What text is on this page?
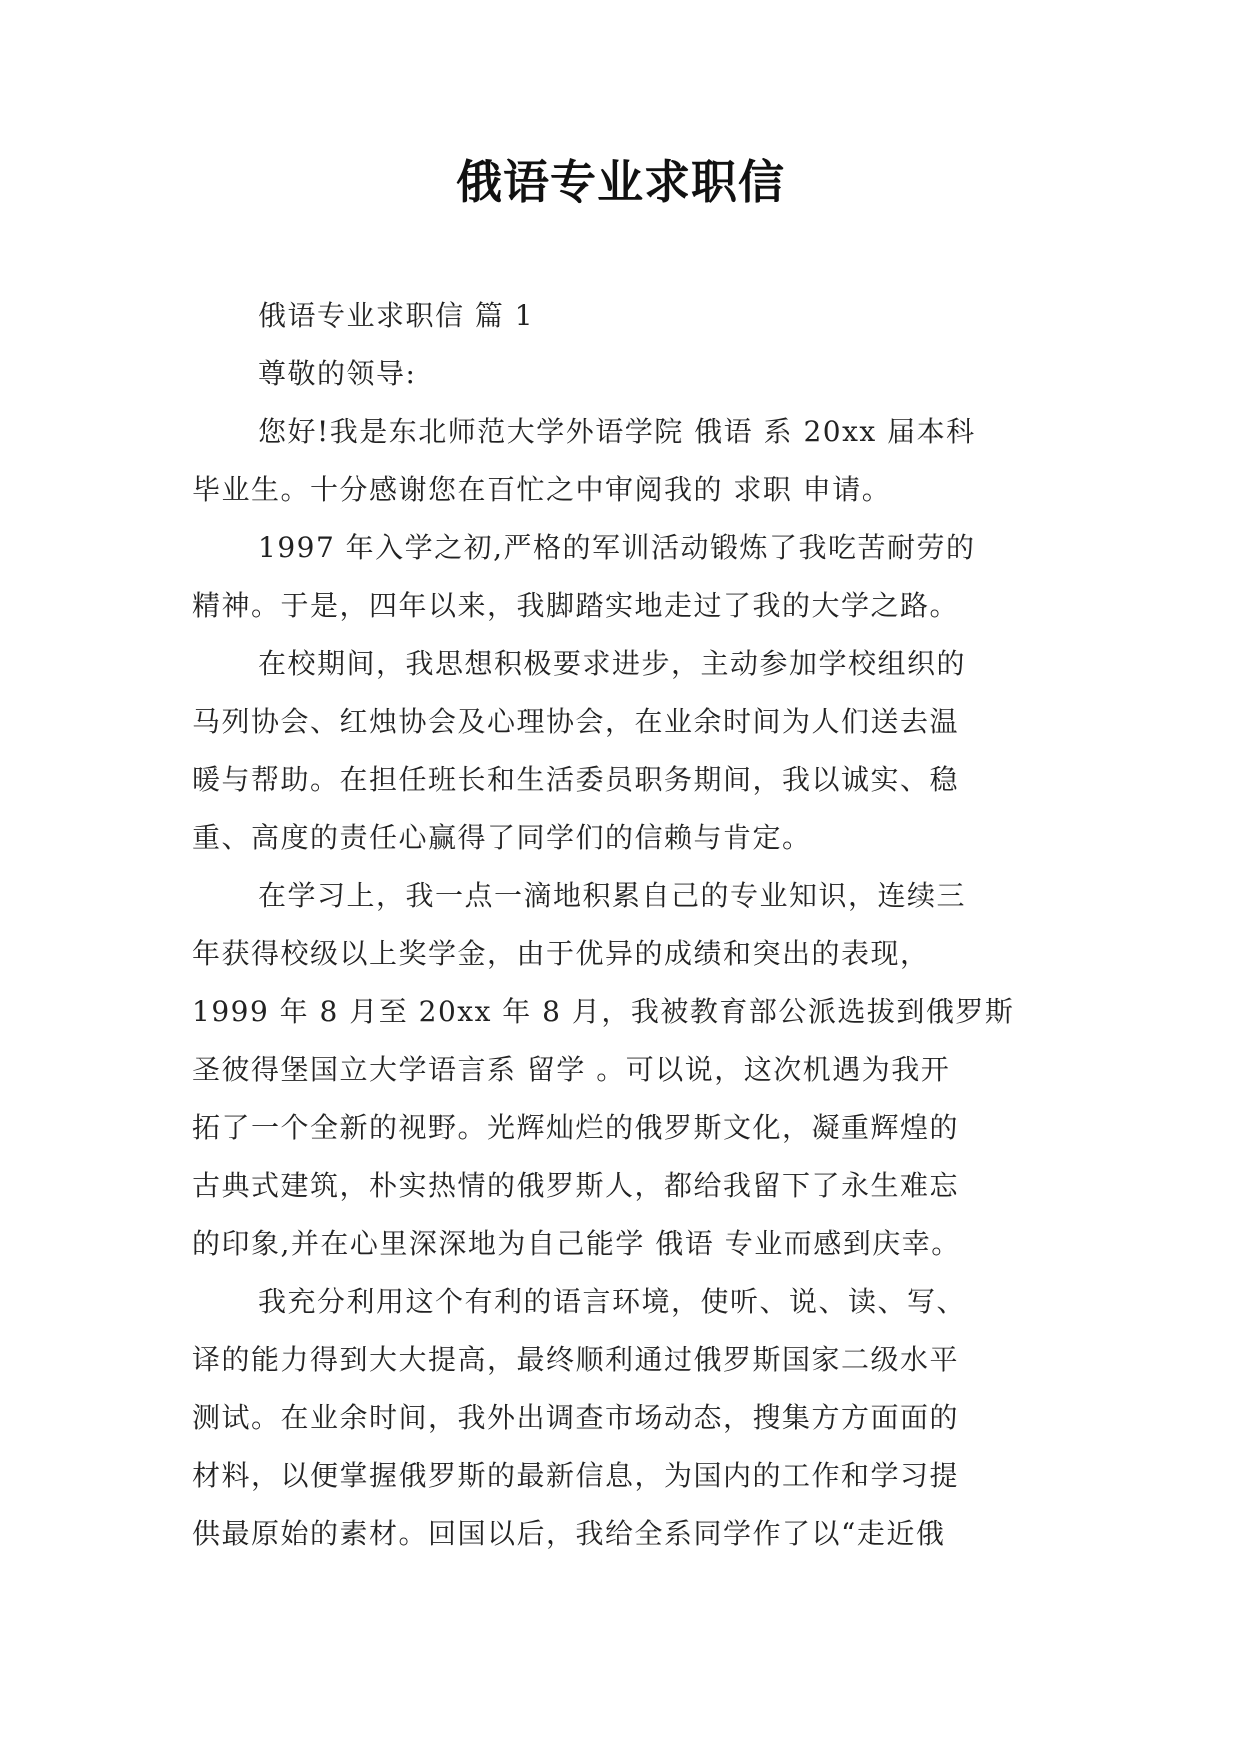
俄语专业求职信
俄语专业求职信 篇 1
尊敬的领导:
您好!我是东北师范大学外语学院 俄语 系 20xx 届本科
毕业生。十分感谢您在百忙之中审阅我的 求职 申请。
1997 年入学之初,严格的军训活动锻炼了我吃苦耐劳的
精神。于是，四年以来，我脚踏实地走过了我的大学之路。
在校期间，我思想积极要求进步，主动参加学校组织的
马列协会、红烛协会及心理协会，在业余时间为人们送去温
暖与帮助。在担任班长和生活委员职务期间，我以诚实、稳
重、高度的责任心赢得了同学们的信赖与肯定。
在学习上，我一点一滴地积累自己的专业知识，连续三
年获得校级以上奖学金，由于优异的成绩和突出的表现，
1999 年 8 月至 20xx 年 8 月，我被教育部公派选拔到俄罗斯
圣彼得堡国立大学语言系 留学 。可以说，这次机遇为我开
拓了一个全新的视野。光辉灿烂的俄罗斯文化，凝重辉煌的
古典式建筑，朴实热情的俄罗斯人，都给我留下了永生难忘
的印象,并在心里深深地为自己能学 俄语 专业而感到庆幸。
我充分利用这个有利的语言环境，使听、说、读、写、
译的能力得到大大提高，最终顺利通过俄罗斯国家二级水平
测试。在业余时间，我外出调查市场动态，搜集方方面面的
材料，以便掌握俄罗斯的最新信息，为国内的工作和学习提
供最原始的素材。回国以后，我给全系同学作了以“走近俄
